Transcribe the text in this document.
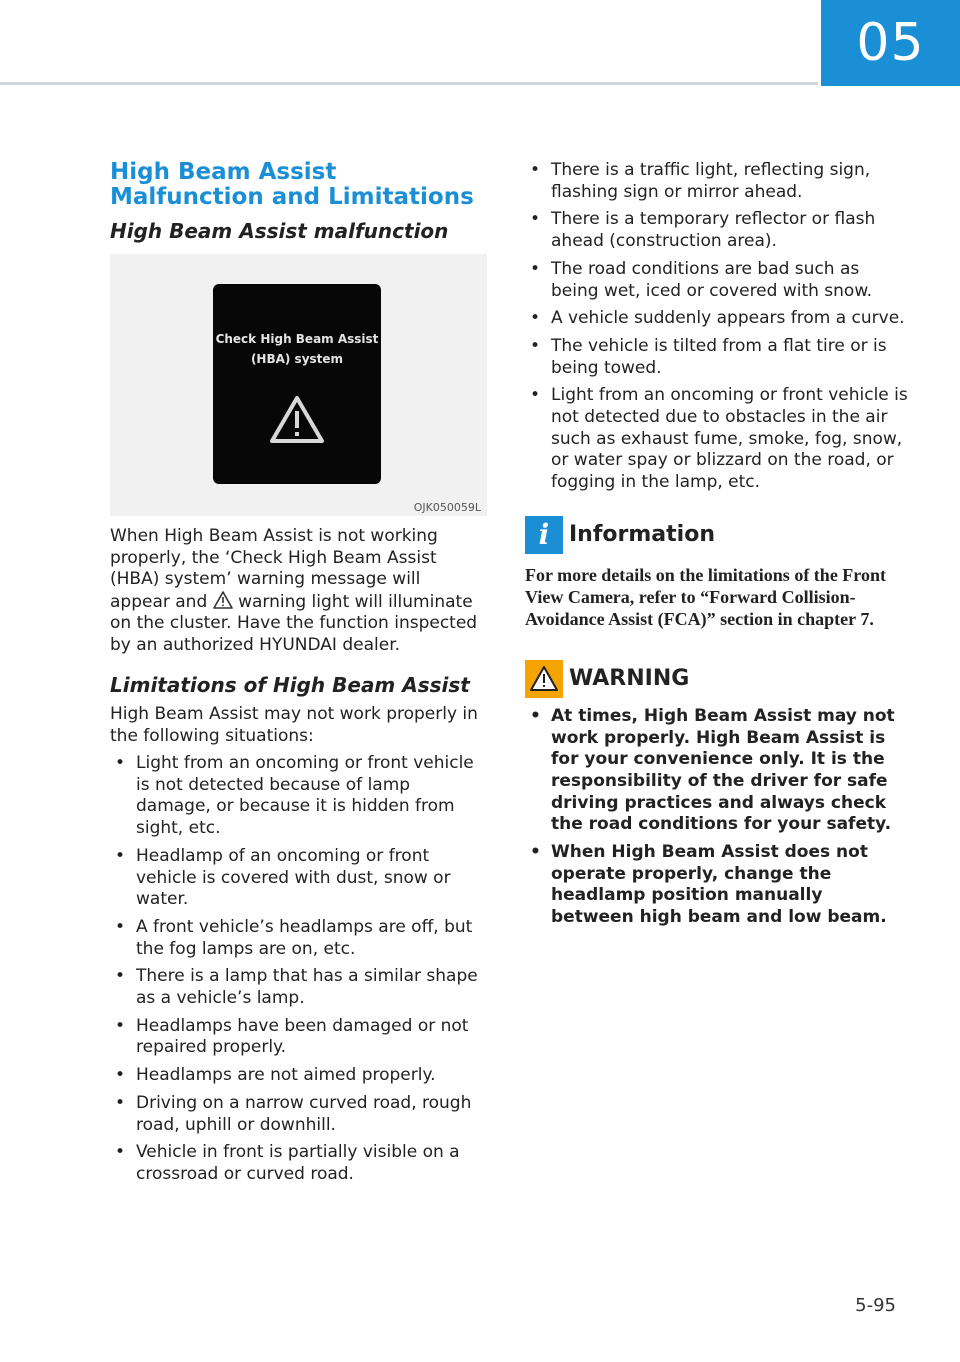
05
High Beam Assist Malfunction and Limitations
High Beam Assist malfunction
Check High Beam Assist
(HBA) system
OJK050059L

When High Beam Assist is not working properly, the ‘Check High Beam Assist (HBA) system’ warning message will appear and warning light will illuminate on the cluster. Have the function inspected by an authorized HYUNDAI dealer.

Limitations of High Beam Assist

High Beam Assist may not work properly in the following situations:

• Light from an oncoming or front vehicle is not detected because of lamp damage, or because it is hidden from sight, etc.
• Headlamp of an oncoming or front vehicle is covered with dust, snow or water.
• A front vehicle’s headlamps are off, but the fog lamps are on, etc.
• There is a lamp that has a similar shape as a vehicle’s lamp.
• Headlamps have been damaged or not repaired properly.
• Headlamps are not aimed properly.
• Driving on a narrow curved road, rough road, uphill or downhill.
• Vehicle in front is partially visible on a crossroad or curved road.
• There is a traffic light, reflecting sign, flashing sign or mirror ahead.
• There is a temporary reflector or flash ahead (construction area).
• The road conditions are bad such as being wet, iced or covered with snow.
• A vehicle suddenly appears from a curve.
• The vehicle is tilted from a flat tire or is being towed.
• Light from an oncoming or front vehicle is not detected due to obstacles in the air such as exhaust fume, smoke, fog, snow, or water spay or blizzard on the road, or fogging in the lamp, etc.
i Information

For more details on the limitations of the Front View Camera, refer to “Forward Collision-Avoidance Assist (FCA)” section in chapter 7.

WARNING
• At times, High Beam Assist may not work properly. High Beam Assist is for your convenience only. It is the responsibility of the driver for safe driving practices and always check the road conditions for your safety.
• When High Beam Assist does not operate properly, change the headlamp position manually between high beam and low beam.
5-95
